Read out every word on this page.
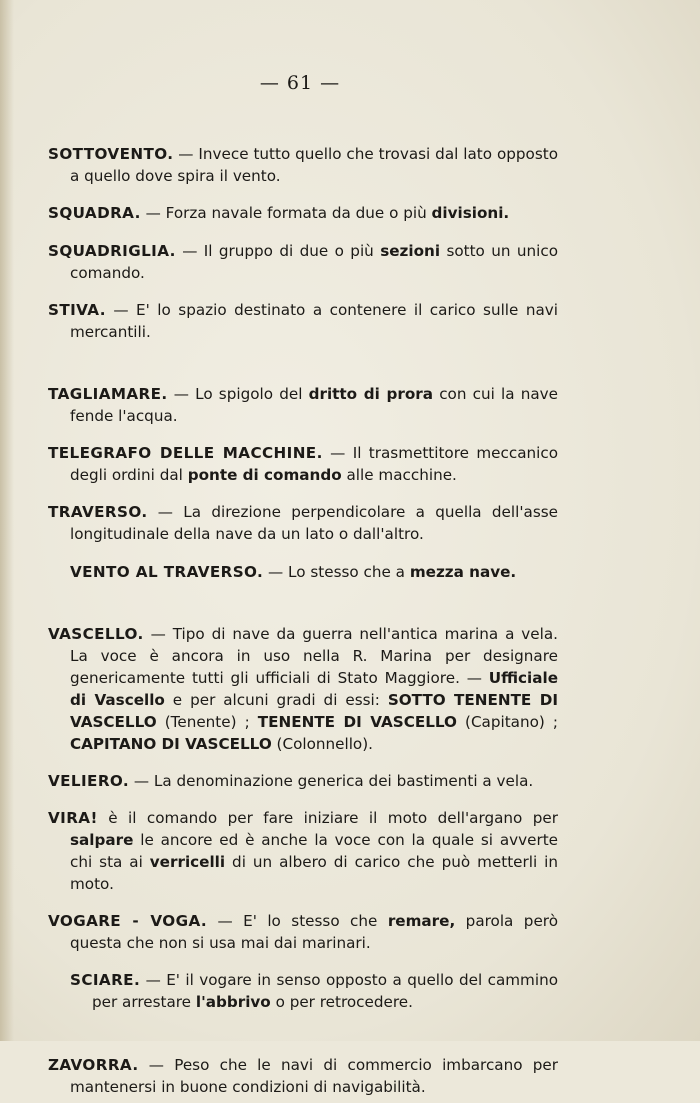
— 61 —

SOTTOVENTO. — Invece tutto quello che trovasi dal lato opposto a quello dove spira il vento.

SQUADRA. — Forza navale formata da due o più divisioni.

SQUADRIGLIA. — Il gruppo di due o più sezioni sotto un unico comando.

STIVA. — E' lo spazio destinato a contenere il carico sulle navi mercantili.

TAGLIAMARE. — Lo spigolo del dritto di prora con cui la nave fende l'acqua.

TELEGRAFO DELLE MACCHINE. — Il trasmettitore meccanico degli ordini dal ponte di comando alle macchine.

TRAVERSO. — La direzione perpendicolare a quella dell'asse longitudinale della nave da un lato o dall'altro.

VENTO AL TRAVERSO. — Lo stesso che a mezza nave.

VASCELLO. — Tipo di nave da guerra nell'antica marina a vela. La voce è ancora in uso nella R. Marina per designare genericamente tutti gli ufficiali di Stato Maggiore. — Ufficiale di Vascello e per alcuni gradi di essi: SOTTO TENENTE DI VASCELLO (Tenente) ; TENENTE DI VASCELLO (Capitano) ; CAPITANO DI VASCELLO (Colonnello).

VELIERO. — La denominazione generica dei bastimenti a vela.

VIRA! è il comando per fare iniziare il moto dell'argano per salpare le ancore ed è anche la voce con la quale si avverte chi sta ai verricelli di un albero di carico che può metterli in moto.

VOGARE - VOGA. — E' lo stesso che remare, parola però questa che non si usa mai dai marinari.

SCIARE. — E' il vogare in senso opposto a quello del cammino per arrestare l'abbrivo o per retrocedere.

ZAVORRA. — Peso che le navi di commercio imbarcano per mantenersi in buone condizioni di navigabilità.
